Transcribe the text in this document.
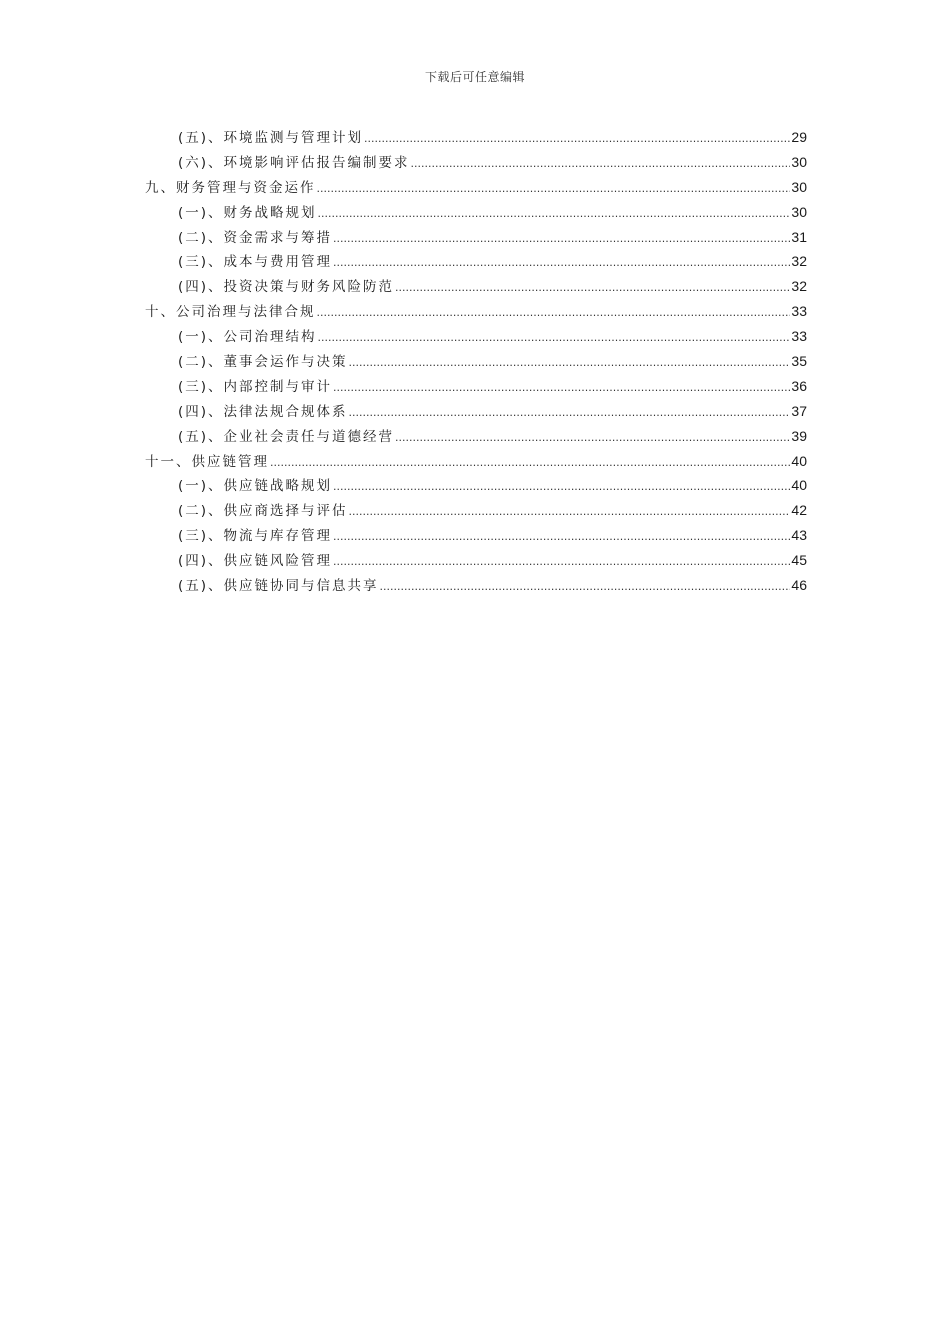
下载后可任意编辑
(五)、环境监测与管理计划 .....	29
(六)、环境影响评估报告编制要求 .....	30
九、财务管理与资金运作 .....	30
(一)、财务战略规划 .....	30
(二)、资金需求与筹措 .....	31
(三)、成本与费用管理 .....	32
(四)、投资决策与财务风险防范 .....	32
十、公司治理与法律合规 .....	33
(一)、公司治理结构 .....	33
(二)、董事会运作与决策 .....	35
(三)、内部控制与审计 .....	36
(四)、法律法规合规体系 .....	37
(五)、企业社会责任与道德经营 .....	39
十一、供应链管理 .....	40
(一)、供应链战略规划 .....	40
(二)、供应商选择与评估 .....	42
(三)、物流与库存管理 .....	43
(四)、供应链风险管理 .....	45
(五)、供应链协同与信息共享 .....	46
